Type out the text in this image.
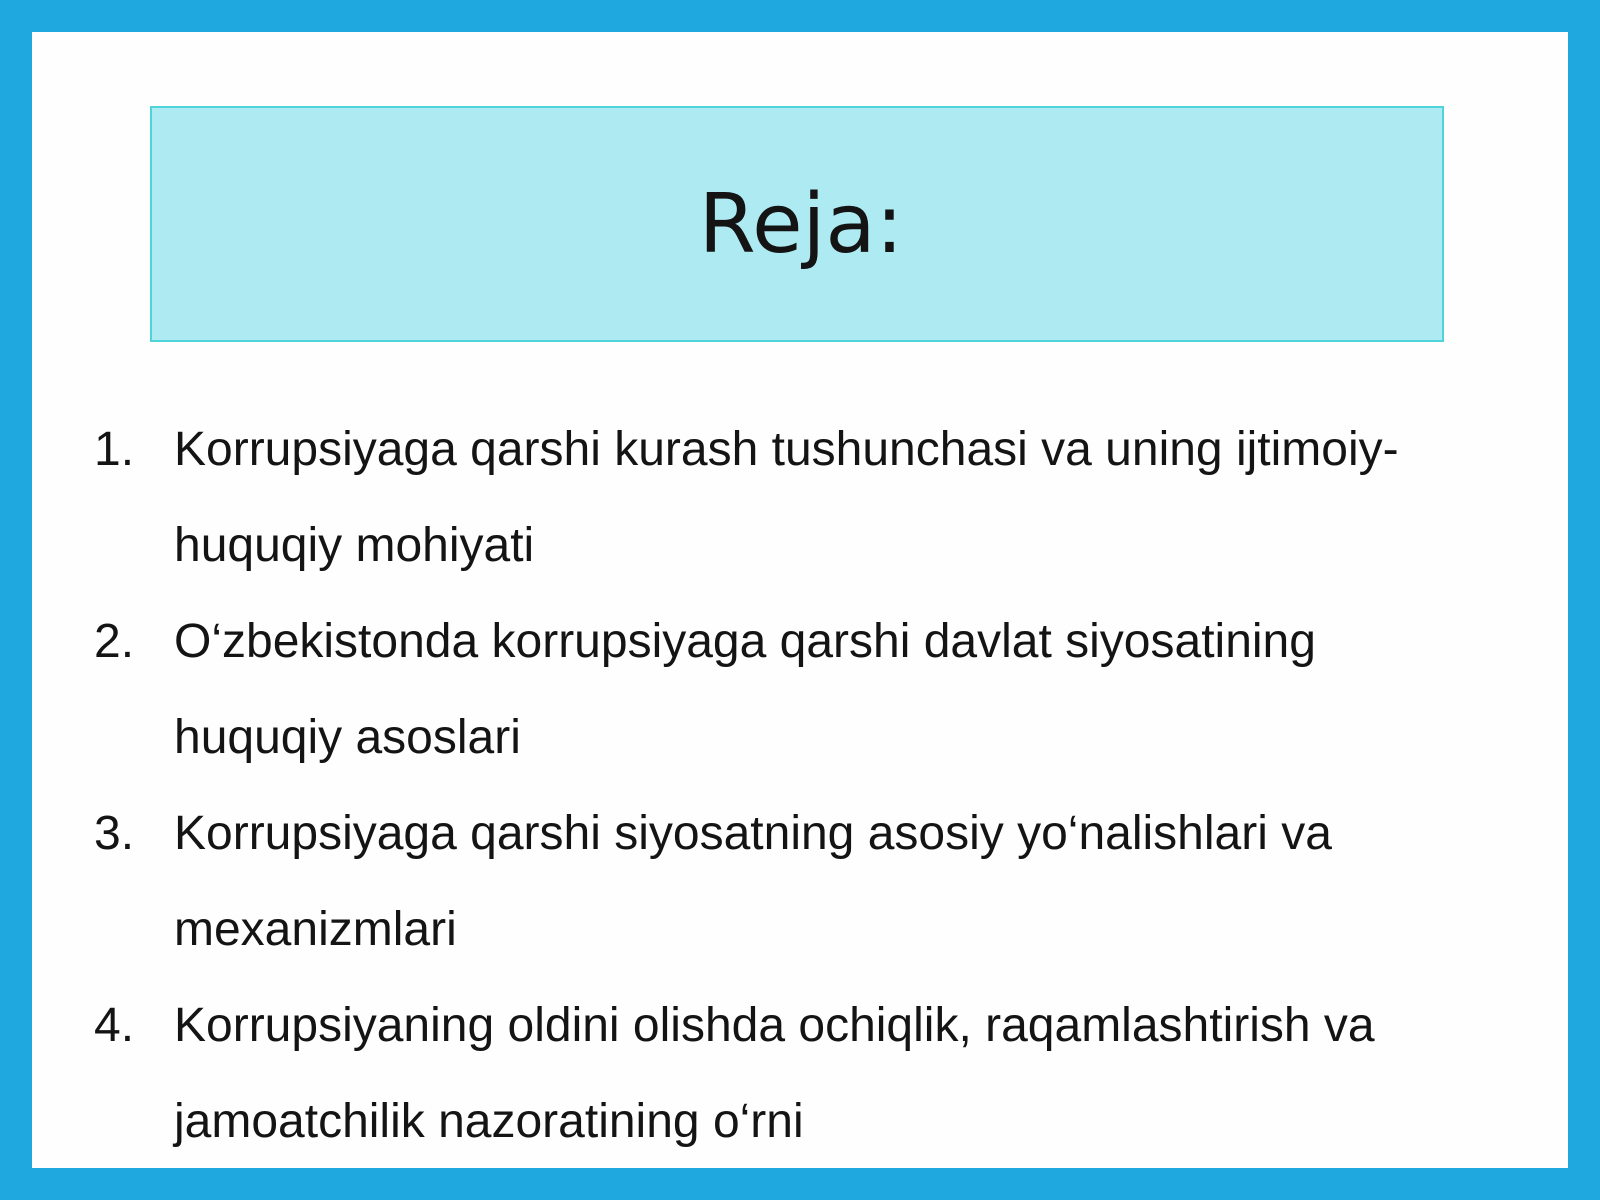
Reja:
1. Korrupsiyaga qarshi kurash tushunchasi va uning ijtimoiy-huquqiy mohiyati
2. O‘zbekistonda korrupsiyaga qarshi davlat siyosatining huquqiy asoslari
3. Korrupsiyaga qarshi siyosatning asosiy yo‘nalishlari va mexanizmlari
4. Korrupsiyaning oldini olishda ochiqlik, raqamlashtirish va jamoatchilik nazoratining o‘rni
